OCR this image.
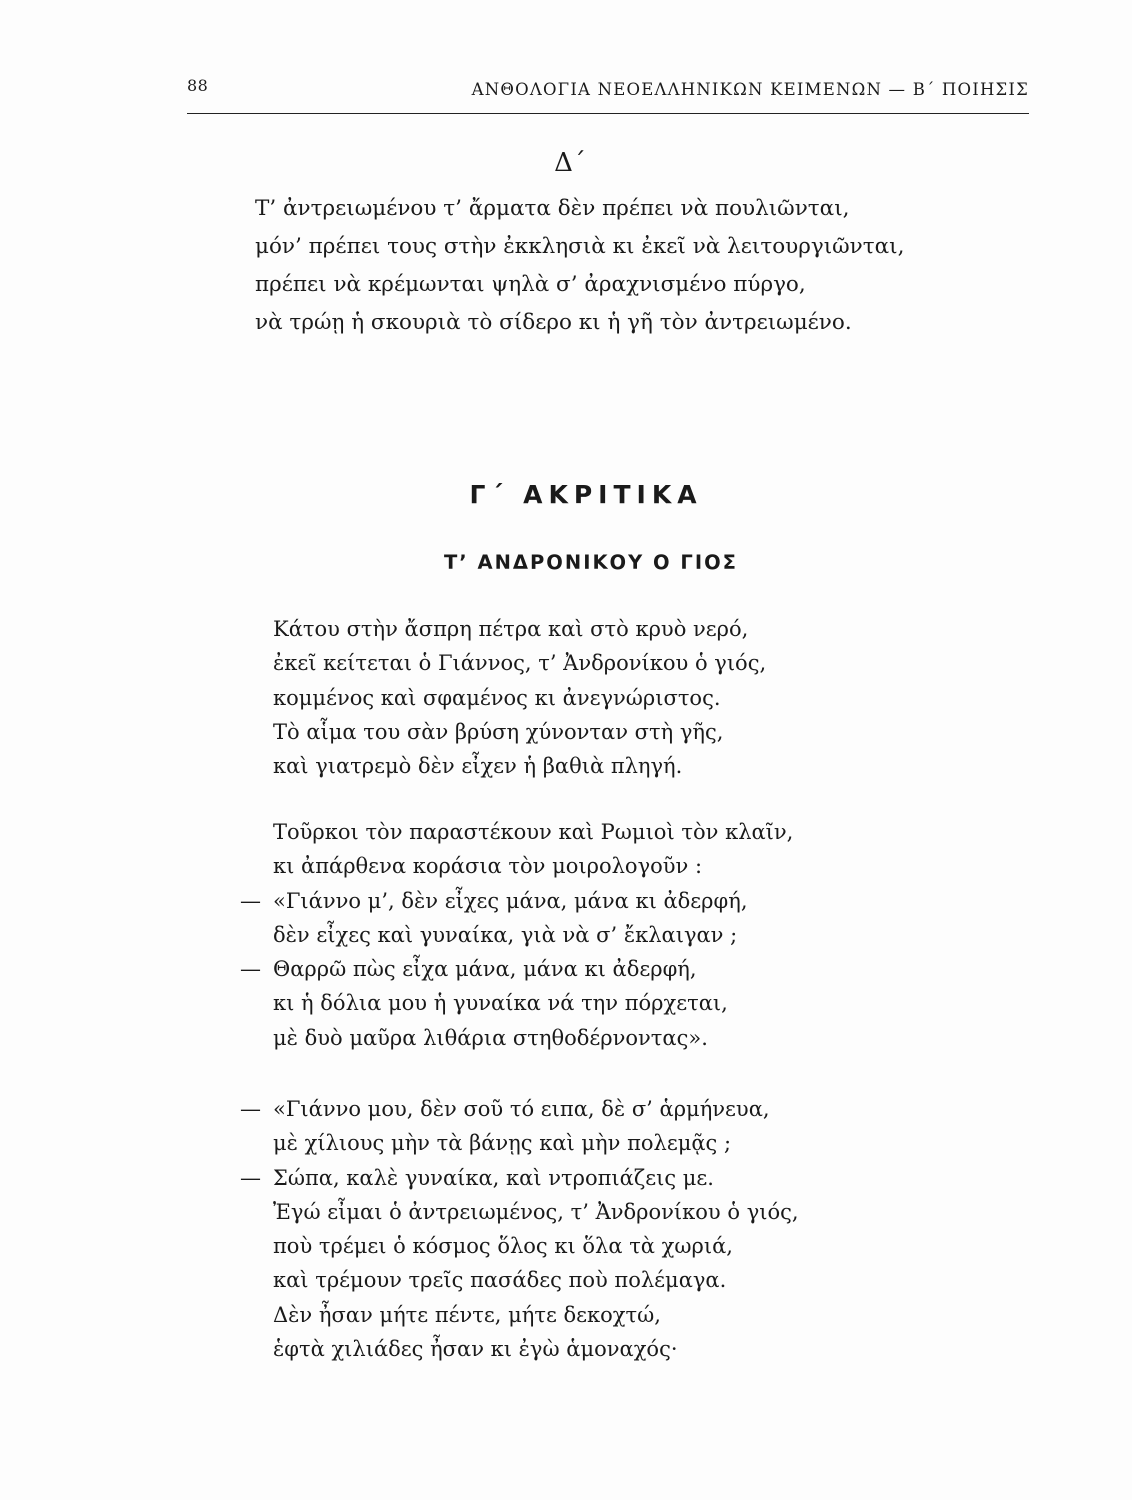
88	ΑΝΘΟΛΟΓΙΑ ΝΕΟΕΛΛΗΝΙΚΩΝ ΚΕΙΜΕΝΩΝ — Β΄ ΠΟΙΗΣΙΣ
Δ΄
Τ’ ἀντρειωμένου τ’ ἄρματα δὲν πρέπει νὰ πουλιῶνται,
μόν’ πρέπει τους στὴν ἐκκλησιὰ κι ἐκεῖ νὰ λειτουργιῶνται,
πρέπει νὰ κρέμωνται ψηλὰ σ’ ἀραχνισμένο πύργο,
νὰ τρώῃ ἡ σκουριὰ τὸ σίδερο κι ἡ γῆ τὸν ἀντρειωμένο.
Γ΄ ΑΚΡΙΤΙΚΑ
Τ’ ΑΝΔΡΟΝΙΚΟΥ Ο ΓΙΟΣ
Κάτου στὴν ἄσπρη πέτρα καὶ στὸ κρυὸ νερό,
ἐκεῖ κείτεται ὁ Γιάννος, τ’ Ἀνδρονίκου ὁ γιός,
κομμένος καὶ σφαμένος κι ἀνεγνώριστος.
Τὸ αἷμα του σὰν βρύση χύνονταν στὴ γῆς,
καὶ γιατρεμὸ δὲν εἶχεν ἡ βαθιὰ πληγή.
Τοῦρκοι τὸν παραστέκουν καὶ Ρωμιοὶ τὸν κλαῖν,
κι ἀπάρθενα κοράσια τὸν μοιρολογοῦν :
— «Γιάννο μ’, δὲν εἶχες μάνα, μάνα κι ἀδερφή,
δὲν εἶχες καὶ γυναίκα, γιὰ νὰ σ’ ἔκλαιγαν ;
— Θαρρῶ πὼς εἶχα μάνα, μάνα κι ἀδερφή,
κι ἡ δόλια μου ἡ γυναίκα νά την πόρχεται,
μὲ δυὸ μαῦρα λιθάρια στηθοδέρνοντας».
— «Γιάννο μου, δὲν σοῦ τό ειπα, δὲ σ’ ἁρμήνευα,
μὲ χίλιους μὴν τὰ βάνῃς καὶ μὴν πολεμᾷς ;
— Σώπα, καλὲ γυναίκα, καὶ ντροπιάζεις με.
Ἐγώ εἶμαι ὁ ἀντρειωμένος, τ’ Ἀνδρονίκου ὁ γιός,
ποὺ τρέμει ὁ κόσμος ὅλος κι ὅλα τὰ χωριά,
καὶ τρέμουν τρεῖς πασάδες ποὺ πολέμαγα.
Δὲν ἦσαν μήτε πέντε, μήτε δεκοχτώ,
ἑφτὰ χιλιάδες ἦσαν κι ἐγὼ ἁμοναχός·
